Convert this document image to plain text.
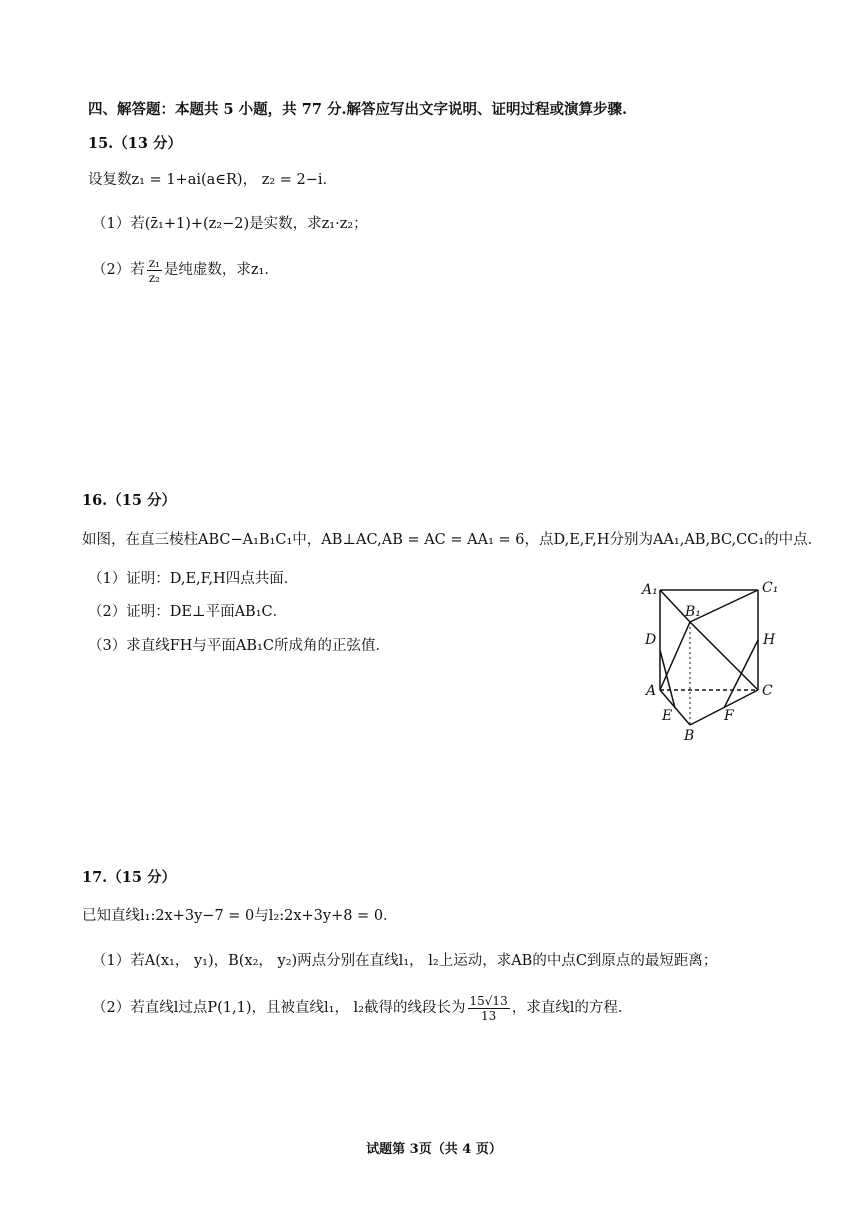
四、解答题：本题共 5 小题，共 77 分.解答应写出文字说明、证明过程或演算步骤.
15.（13 分）
设复数z₁ = 1+ai(a∈R)， z₂ = 2−i．
（1）若(z̄₁+1)+(z₂−2)是实数，求z₁·z₂；
（2）若 $\frac{\text{z₁}}{\text{z₂}}$ 是纯虚数，求z₁．
16.（15 分）
如图，在直三棱柱ABC−A₁B₁C₁中，AB⊥AC,AB = AC = AA₁ = 6，点D,E,F,H分别为AA₁,AB,BC,CC₁的中点．
（1）证明：D,E,F,H四点共面．
（2）证明：DE⊥平面AB₁C．
（3）求直线FH与平面AB₁C所成角的正弦值．
A₁	C₁
B₁
D	H
A	C
E	F
B
17.（15 分）
已知直线l₁:2x+3y−7 = 0与l₂:2x+3y+8 = 0．
（1）若A(x₁， y₁)，B(x₂， y₂)两点分别在直线l₁， l₂上运动，求AB的中点C到原点的最短距离；
（2）若直线l过点P(1,1)，且被直线l₁， l₂截得的线段长为 $\frac{15√13}{13}$ ，求直线l的方程．
试题第 3页（共 4 页）
